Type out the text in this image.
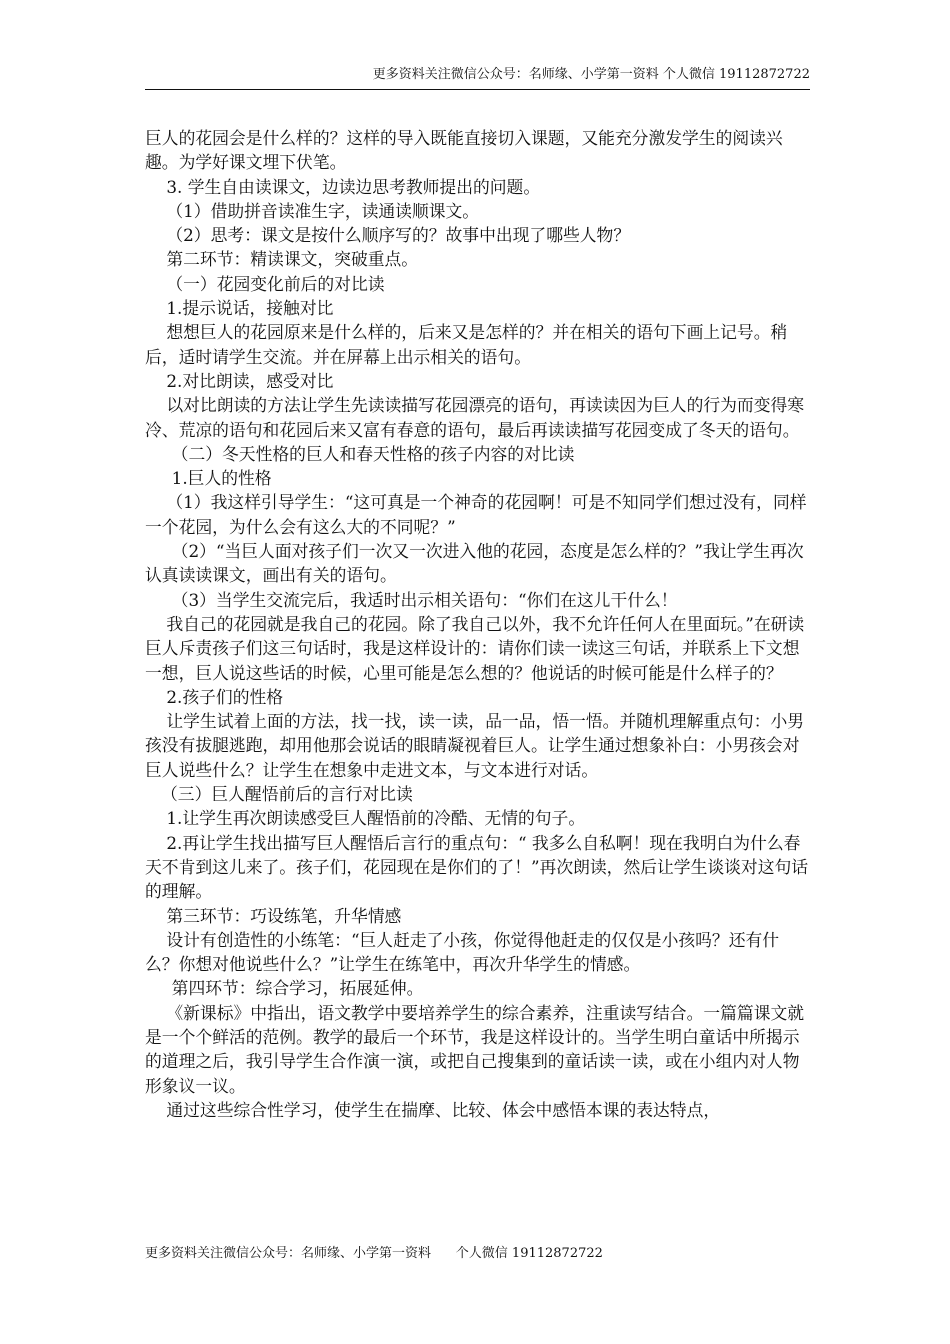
更多资料关注微信公众号：名师缘、小学第一资料 个人微信 19112872722

巨人的花园会是什么样的？这样的导入既能直接切入课题，又能充分激发学生的阅读兴趣。为学好课文埋下伏笔。

3. 学生自由读课文，边读边思考教师提出的问题。

（1）借助拼音读准生字，读通读顺课文。

（2）思考：课文是按什么顺序写的？故事中出现了哪些人物？

第二环节：精读课文，突破重点。

（一）花园变化前后的对比读

1.提示说话，接触对比

想想巨人的花园原来是什么样的，后来又是怎样的？并在相关的语句下画上记号。稍后，适时请学生交流。并在屏幕上出示相关的语句。

2.对比朗读，感受对比

以对比朗读的方法让学生先读读描写花园漂亮的语句，再读读因为巨人的行为而变得寒冷、荒凉的语句和花园后来又富有春意的语句，最后再读读描写花园变成了冬天的语句。

（二）冬天性格的巨人和春天性格的孩子内容的对比读

1.巨人的性格

（1）我这样引导学生：“这可真是一个神奇的花园啊！可是不知同学们想过没有，同样一个花园，为什么会有这么大的不同呢？”

（2）“当巨人面对孩子们一次又一次进入他的花园，态度是怎么样的？”我让学生再次认真读读课文，画出有关的语句。

（3）当学生交流完后，我适时出示相关语句：“你们在这儿干什么！

我自己的花园就是我自己的花园。除了我自己以外，我不允许任何人在里面玩。”在研读巨人斥责孩子们这三句话时，我是这样设计的：请你们读一读这三句话，并联系上下文想一想，巨人说这些话的时候，心里可能是怎么想的？他说话的时候可能是什么样子的？

2.孩子们的性格

让学生试着上面的方法，找一找，读一读，品一品，悟一悟。并随机理解重点句：小男孩没有拔腿逃跑，却用他那会说话的眼睛凝视着巨人。让学生通过想象补白：小男孩会对巨人说些什么？让学生在想象中走进文本，与文本进行对话。

（三）巨人醒悟前后的言行对比读

1.让学生再次朗读感受巨人醒悟前的冷酷、无情的句子。

2.再让学生找出描写巨人醒悟后言行的重点句：“ 我多么自私啊！现在我明白为什么春天不肯到这儿来了。孩子们，花园现在是你们的了！”再次朗读，然后让学生谈谈对这句话的理解。

第三环节：巧设练笔，升华情感

设计有创造性的小练笔：“巨人赶走了小孩，你觉得他赶走的仅仅是小孩吗？还有什么？你想对他说些什么？”让学生在练笔中，再次升华学生的情感。

第四环节：综合学习，拓展延伸。

《新课标》中指出，语文教学中要培养学生的综合素养，注重读写结合。一篇篇课文就是一个个鲜活的范例。教学的最后一个环节，我是这样设计的。当学生明白童话中所揭示的道理之后，我引导学生合作演一演，或把自己搜集到的童话读一读，或在小组内对人物形象议一议。

通过这些综合性学习，使学生在揣摩、比较、体会中感悟本课的表达特点，

更多资料关注微信公众号：名师缘、小学第一资料      个人微信 19112872722
